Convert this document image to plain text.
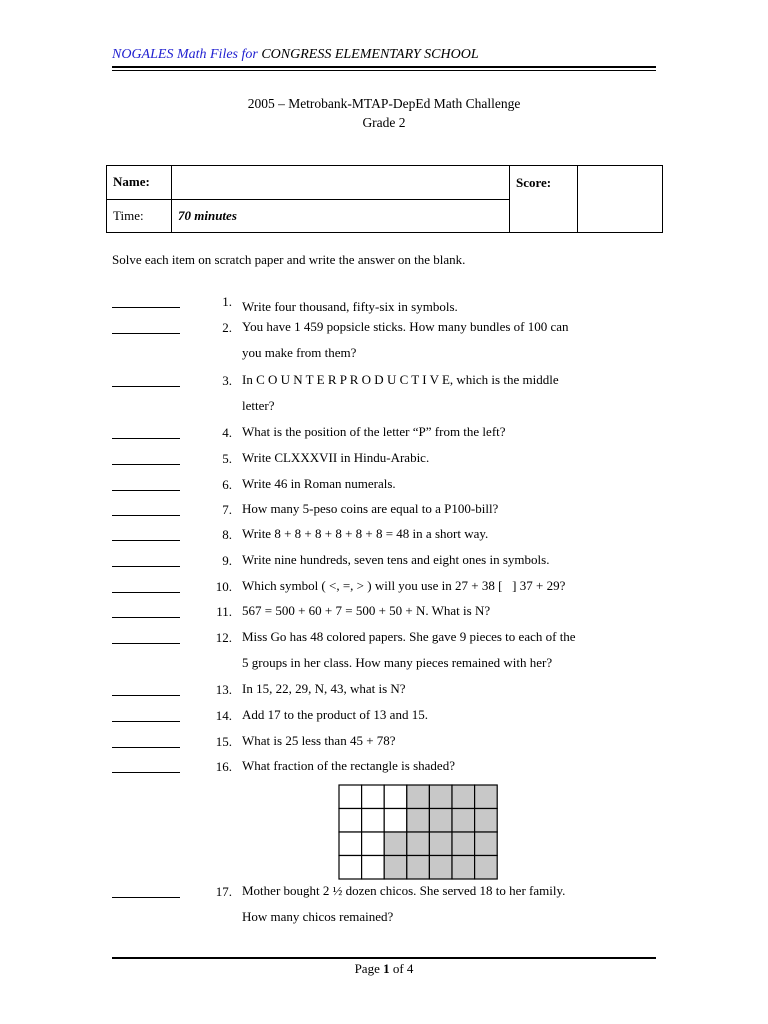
NOGALES Math Files for CONGRESS ELEMENTARY SCHOOL
2005 – Metrobank-MTAP-DepEd Math Challenge
Grade 2
Name:		Score:	
Time:	70 minutes		
Solve each item on scratch paper and write the answer on the blank.
1. Write four thousand, fifty-six in symbols.
2. You have 1 459 popsicle sticks. How many bundles of 100 can
you make from them?
3. In C O U N T E R P R O D U C T I V E, which is the middle
letter?
4. What is the position of the letter “P” from the left?
5. Write CLXXXVII in Hindu-Arabic.
6. Write 46 in Roman numerals.
7. How many 5-peso coins are equal to a P100-bill?
8. Write 8 + 8 + 8 + 8 + 8 + 8 = 48 in a short way.
9. Write nine hundreds, seven tens and eight ones in symbols.
10. Which symbol ( <, =, > ) will you use in 27 + 38 [   ] 37 + 29?
11. 567 = 500 + 60 + 7 = 500 + 50 + N. What is N?
12. Miss Go has 48 colored papers. She gave 9 pieces to each of the
5 groups in her class. How many pieces remained with her?
13. In 15, 22, 29, N, 43, what is N?
14. Add 17 to the product of 13 and 15.
15. What is 25 less than 45 + 78?
16. What fraction of the rectangle is shaded?
17. Mother bought 2 ½ dozen chicos. She served 18 to her family.
How many chicos remained?
Page 1 of 4
